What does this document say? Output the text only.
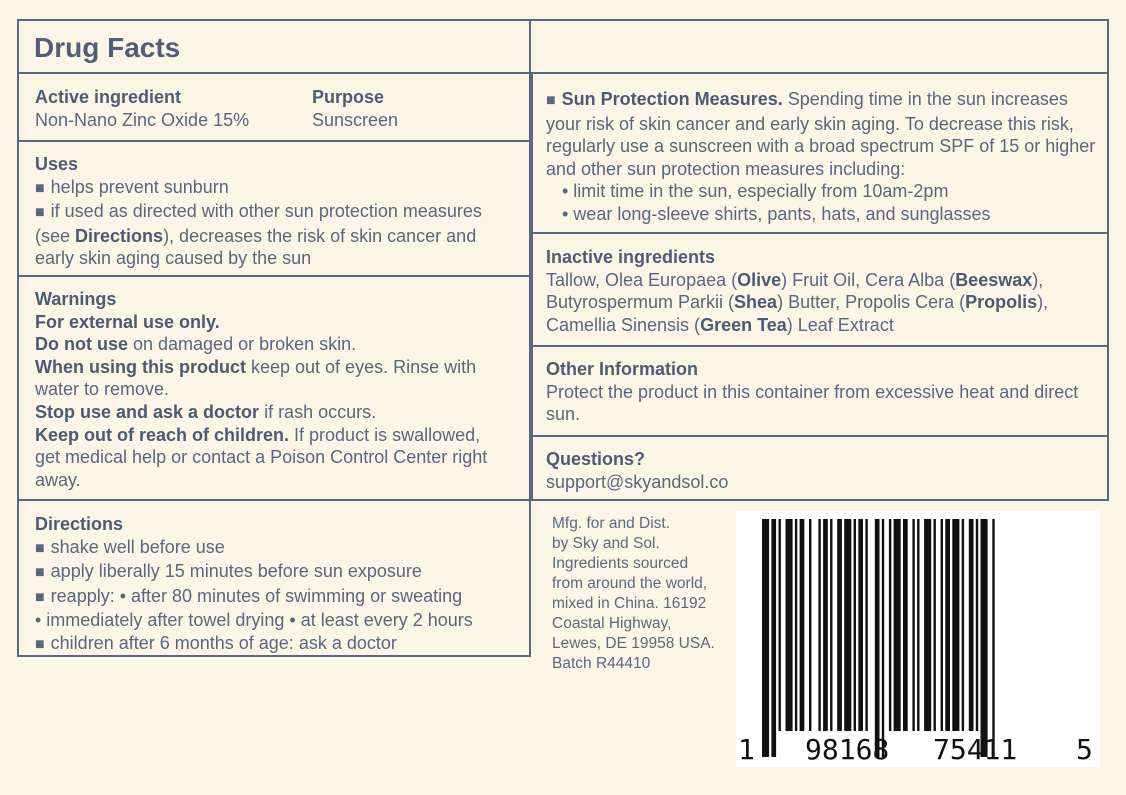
Drug Facts
Active ingredient
Non-Nano Zinc Oxide 15%
Purpose
Sunscreen
Uses
■ helps prevent sunburn
■ if used as directed with other sun protection measures (see Directions), decreases the risk of skin cancer and early skin aging caused by the sun
Warnings
For external use only.
Do not use on damaged or broken skin.
When using this product keep out of eyes. Rinse with water to remove.
Stop use and ask a doctor if rash occurs.
Keep out of reach of children. If product is swallowed, get medical help or contact a Poison Control Center right away.
Directions
■ shake well before use
■ apply liberally 15 minutes before sun exposure
■ reapply: • after 80 minutes of swimming or sweating
• immediately after towel drying • at least every 2 hours
■ children after 6 months of age: ask a doctor
■ Sun Protection Measures. Spending time in the sun increases your risk of skin cancer and early skin aging. To decrease this risk, regularly use a sunscreen with a broad spectrum SPF of 15 or higher and other sun protection measures including:
• limit time in the sun, especially from 10am-2pm
• wear long-sleeve shirts, pants, hats, and sunglasses
Inactive ingredients
Tallow, Olea Europaea (Olive) Fruit Oil, Cera Alba (Beeswax), Butyrospermum Parkii (Shea) Butter, Propolis Cera (Propolis), Camellia Sinensis (Green Tea) Leaf Extract
Other Information
Protect the product in this container from excessive heat and direct sun.
Questions?
support@skyandsol.co
Mfg. for and Dist.
by Sky and Sol.
Ingredients sourced
from around the world,
mixed in China. 16192
Coastal Highway,
Lewes, DE 19958 USA.
Batch R44410
1 98168 75411 5
